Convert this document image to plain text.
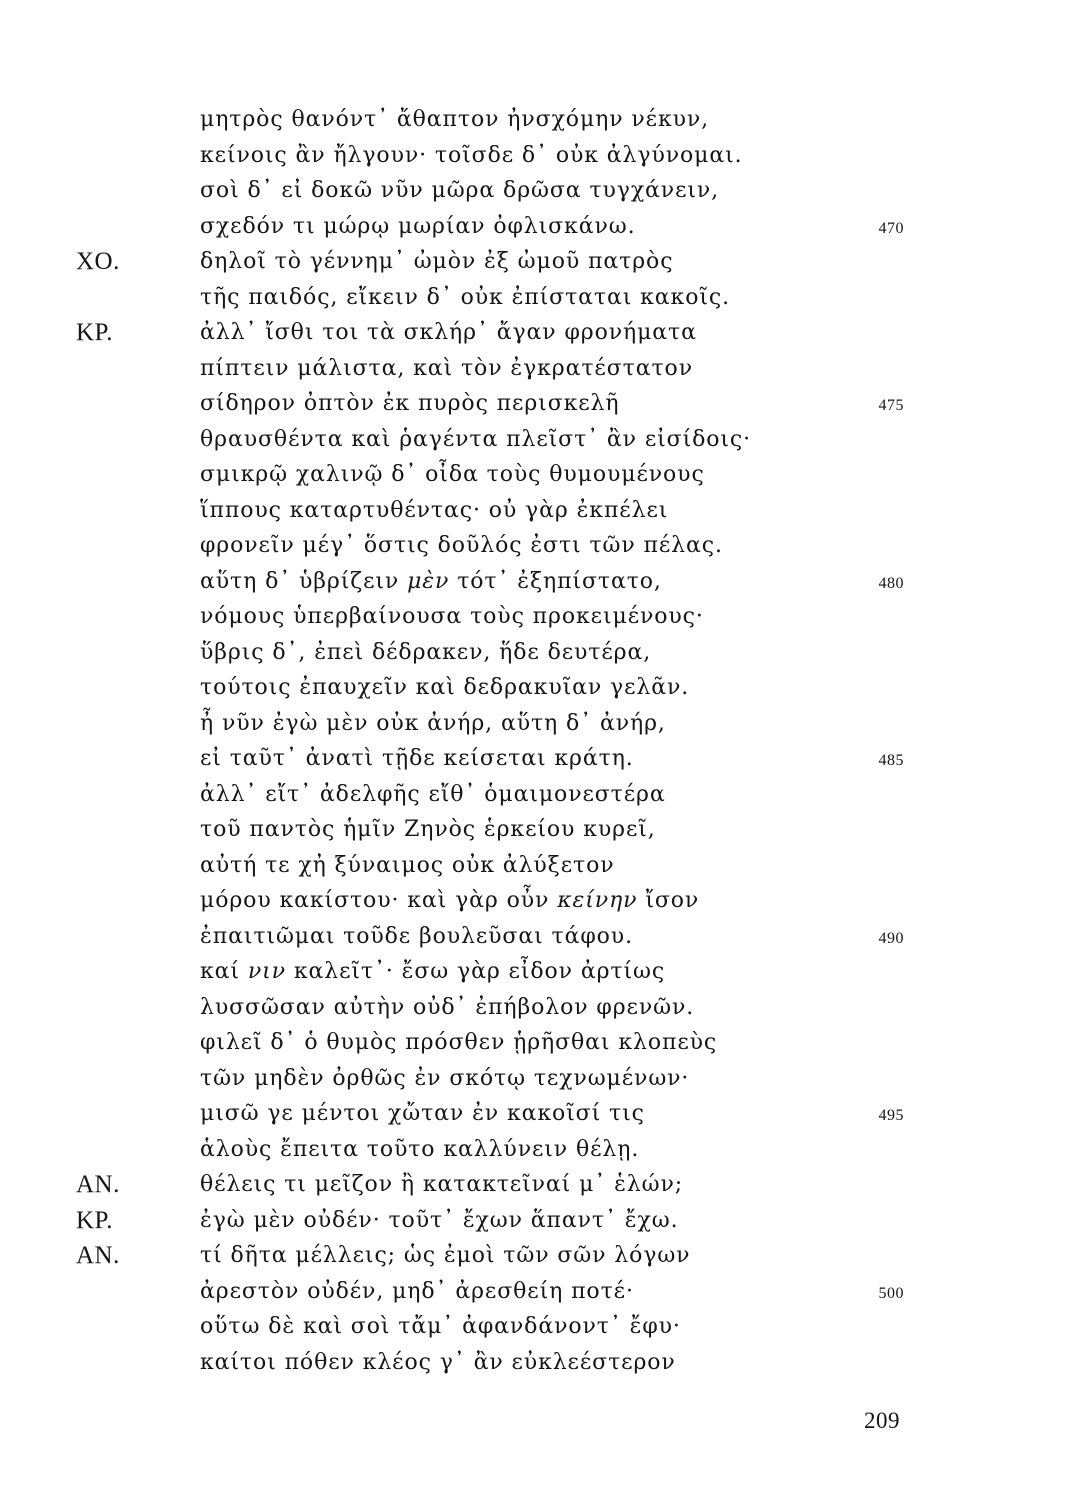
μητρὸς θανόντ᾽ ἄθαπτον ἠνσχόμην νέκυν,
κείνοις ἂν ἤλγουν· τοῖσδε δ᾽ οὐκ ἀλγύνομαι.
σοὶ δ᾽ εἰ δοκῶ νῦν μῶρα δρῶσα τυγχάνειν,
σχεδόν τι μώρῳ μωρίαν ὀφλισκάνω.	470
ΧΟ.	δηλοῖ τὸ γέννημ᾽ ὠμὸν ἐξ ὠμοῦ πατρὸς
τῆς παιδός, εἴκειν δ᾽ οὐκ ἐπίσταται κακοῖς.
ΚΡ.	ἀλλ᾽ ἴσθι τοι τὰ σκλήρ᾽ ἄγαν φρονήματα
πίπτειν μάλιστα, καὶ τὸν ἐγκρατέστατον
σίδηρον ὀπτὸν ἐκ πυρὸς περισκελῆ	475
θραυσθέντα καὶ ῥαγέντα πλεῖστ᾽ ἂν εἰσίδοις·
σμικρῷ χαλινῷ δ᾽ οἶδα τοὺς θυμουμένους
ἵππους καταρτυθέντας· οὐ γὰρ ἐκπέλει
φρονεῖν μέγ᾽ ὅστις δοῦλός ἐστι τῶν πέλας.
αὕτη δ᾽ ὑβρίζειν μὲν τότ᾽ ἐξηπίστατο,	480
νόμους ὑπερβαίνουσα τοὺς προκειμένους·
ὕβρις δ᾽, ἐπεὶ δέδρακεν, ἥδε δευτέρα,
τούτοις ἐπαυχεῖν καὶ δεδρακυῖαν γελᾶν.
ἦ νῦν ἐγὼ μὲν οὐκ ἀνήρ, αὕτη δ᾽ ἀνήρ,
εἰ ταῦτ᾽ ἀνατὶ τῇδε κείσεται κράτη.	485
ἀλλ᾽ εἴτ᾽ ἀδελφῆς εἴθ᾽ ὁμαιμονεστέρα
τοῦ παντὸς ἡμῖν Ζηνὸς ἑρκείου κυρεῖ,
αὐτή τε χἠ ξύναιμος οὐκ ἀλύξετον
μόρου κακίστου· καὶ γὰρ οὖν κείνην ἴσον
ἐπαιτιῶμαι τοῦδε βουλεῦσαι τάφου.	490
καί νιν καλεῖτ᾽· ἔσω γὰρ εἶδον ἀρτίως
λυσσῶσαν αὐτὴν οὐδ᾽ ἐπήβολον φρενῶν.
φιλεῖ δ᾽ ὁ θυμὸς πρόσθεν ᾑρῆσθαι κλοπεὺς
τῶν μηδὲν ὀρθῶς ἐν σκότῳ τεχνωμένων·
μισῶ γε μέντοι χὤταν ἐν κακοῖσί τις	495
ἁλοὺς ἔπειτα τοῦτο καλλύνειν θέλῃ.
ΑΝ.	θέλεις τι μεῖζον ἢ κατακτεῖναί μ᾽ ἑλών;
ΚΡ.	ἐγὼ μὲν οὐδέν· τοῦτ᾽ ἔχων ἅπαντ᾽ ἔχω.
ΑΝ.	τί δῆτα μέλλεις; ὡς ἐμοὶ τῶν σῶν λόγων
ἀρεστὸν οὐδέν, μηδ᾽ ἀρεσθείη ποτέ·	500
οὕτω δὲ καὶ σοὶ τἄμ᾽ ἀφανδάνοντ᾽ ἔφυ·
καίτοι πόθεν κλέος γ᾽ ἂν εὐκλεέστερον
209
